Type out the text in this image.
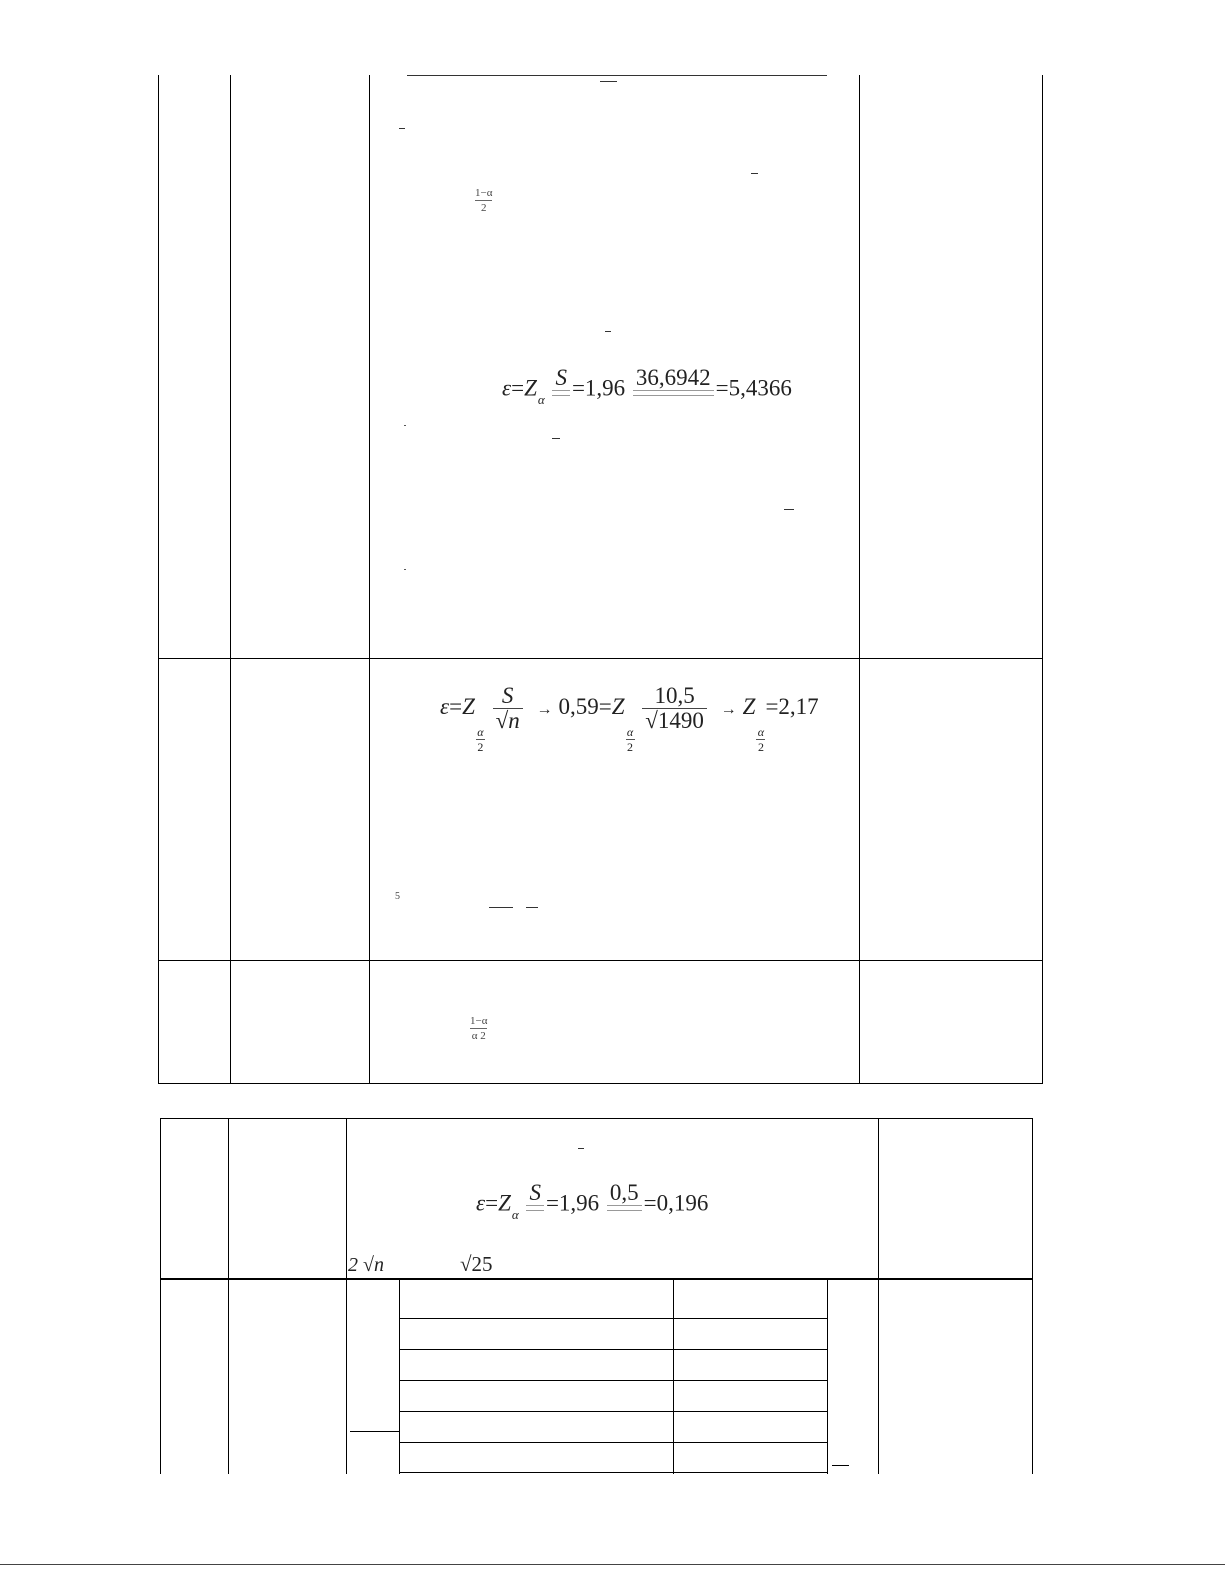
1−α
2
$\varepsilon=Z_\alpha$
S =1,96 36,6942 =5,4366
ε=Z
$\frac{\alpha}{2}$

$\frac{S}{√n} \to 0,59=Z$
$\frac{\alpha}{2}$

$\frac{10,5}{√1490} \to Z$
$\frac{\alpha}{2}$
=2,17
5
1−α
α 2
$\varepsilon=Z_\alpha$
S =1,96 0,5 =0,196
2 √n	√25
